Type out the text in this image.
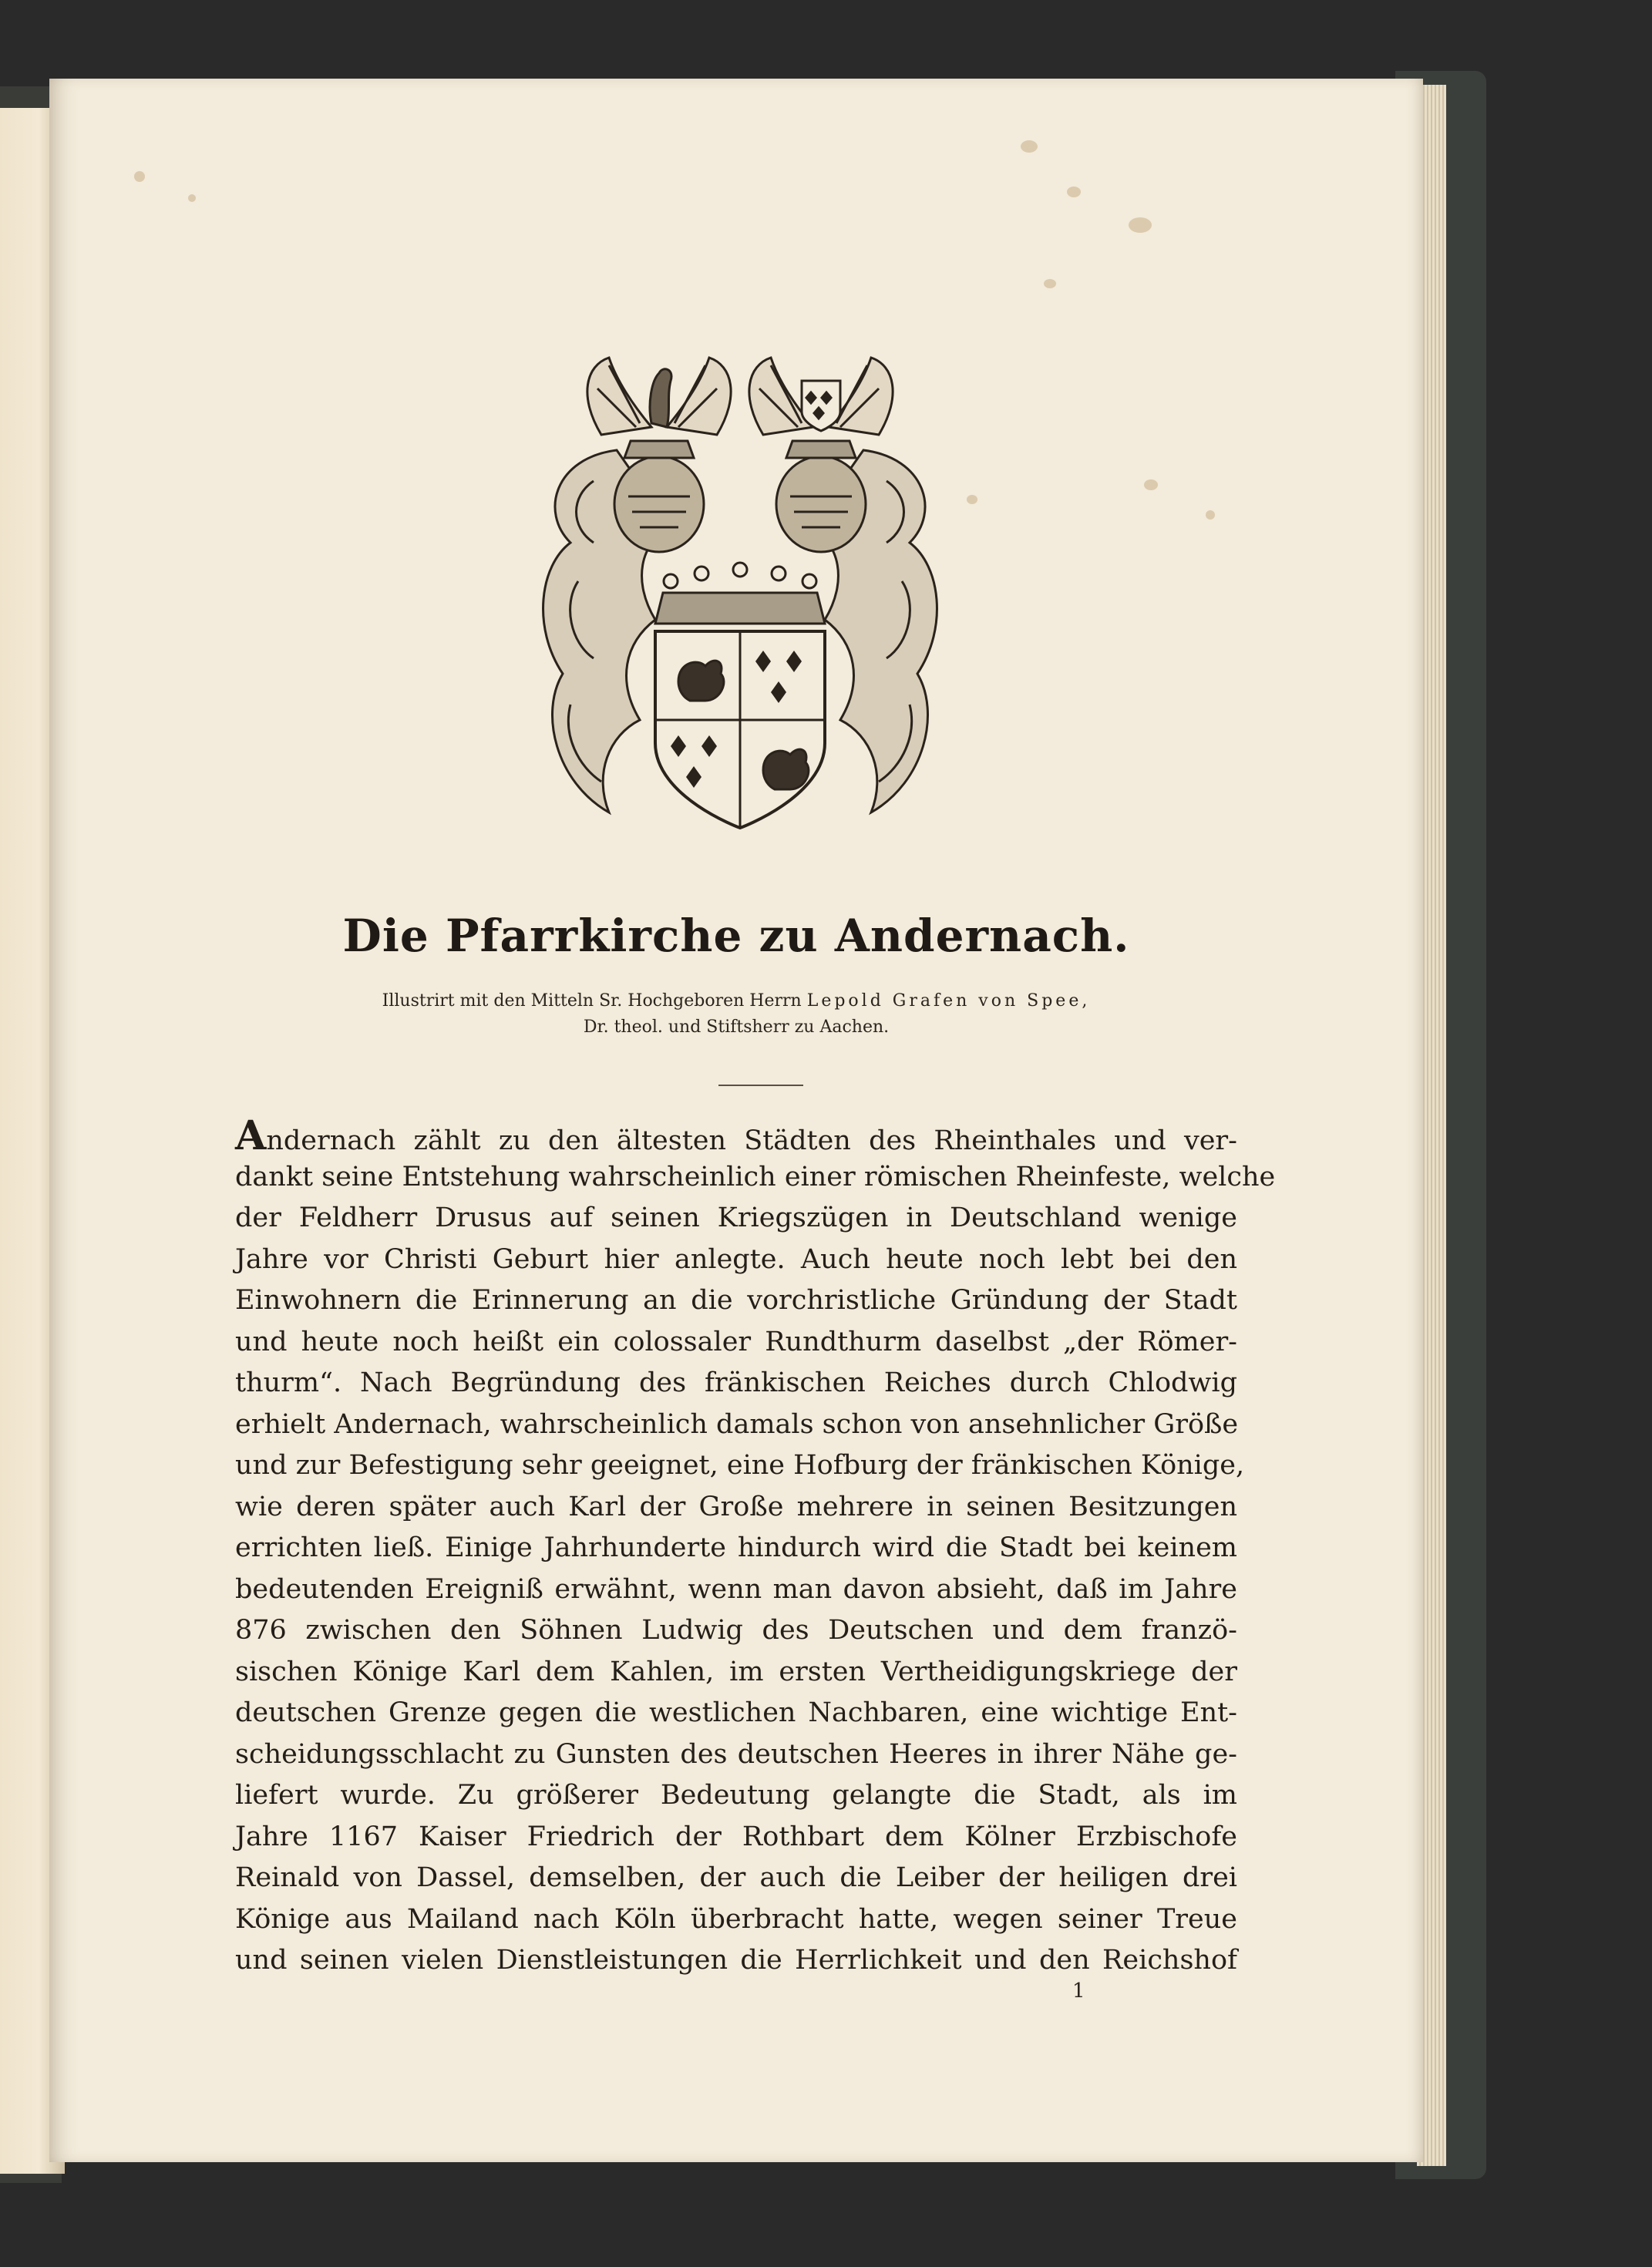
Die Pfarrkirche zu Andernach.
Illustrirt mit den Mitteln Sr. Hochgeboren Herrn Lepold Grafen von Spee,
Dr. theol. und Stiftsherr zu Aachen.
Andernach zählt zu den ältesten Städten des Rheinthales und ver-
dankt seine Entstehung wahrscheinlich einer römischen Rheinfeste, welche
der Feldherr Drusus auf seinen Kriegszügen in Deutschland wenige
Jahre vor Christi Geburt hier anlegte. Auch heute noch lebt bei den
Einwohnern die Erinnerung an die vorchristliche Gründung der Stadt
und heute noch heißt ein colossaler Rundthurm daselbst „der Römer-
thurm“. Nach Begründung des fränkischen Reiches durch Chlodwig
erhielt Andernach, wahrscheinlich damals schon von ansehnlicher Größe
und zur Befestigung sehr geeignet, eine Hofburg der fränkischen Könige,
wie deren später auch Karl der Große mehrere in seinen Besitzungen
errichten ließ. Einige Jahrhunderte hindurch wird die Stadt bei keinem
bedeutenden Ereigniß erwähnt, wenn man davon absieht, daß im Jahre
876 zwischen den Söhnen Ludwig des Deutschen und dem franzö-
sischen Könige Karl dem Kahlen, im ersten Vertheidigungskriege der
deutschen Grenze gegen die westlichen Nachbaren, eine wichtige Ent-
scheidungsschlacht zu Gunsten des deutschen Heeres in ihrer Nähe ge-
liefert wurde. Zu größerer Bedeutung gelangte die Stadt, als im
Jahre 1167 Kaiser Friedrich der Rothbart dem Kölner Erzbischofe
Reinald von Dassel, demselben, der auch die Leiber der heiligen drei
Könige aus Mailand nach Köln überbracht hatte, wegen seiner Treue
und seinen vielen Dienstleistungen die Herrlichkeit und den Reichshof
1
